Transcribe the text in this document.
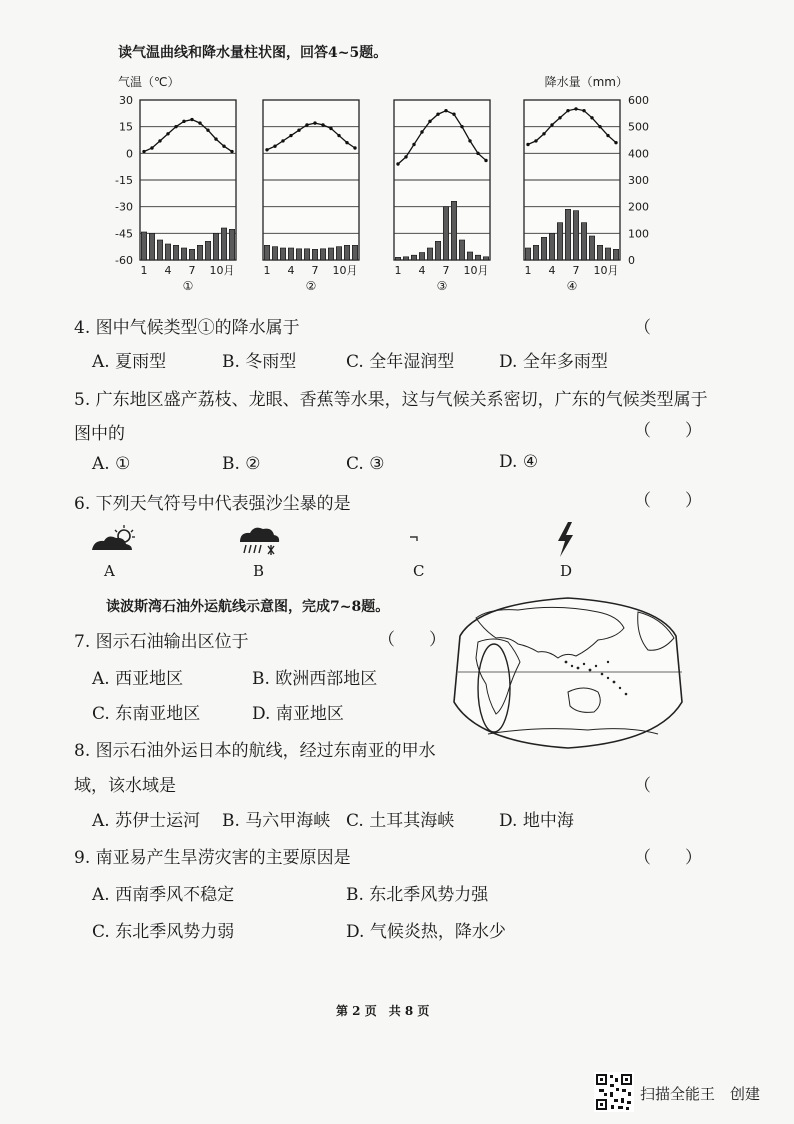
读气温曲线和降水量柱状图，回答4~5题。
气温（℃）	降水量（mm）
30
15
0
-15
-30
-45
-60
600
500
400
300
200
100
0
1 4 7 10月
①
1 4 7 10月
②
1 4 7 10月
③
1 4 7 10月
④
4. 图中气候类型①的降水属于	（
A. 夏雨型	B. 冬雨型	C. 全年湿润型	D. 全年多雨型
5. 广东地区盛产荔枝、龙眼、香蕉等水果，这与气候关系密切，广东的气候类型属于
图中的	（　　）
A. ①	B. ②	C. ③	D. ④
6. 下列天气符号中代表强沙尘暴的是	（　　）
A	B	C	D
读波斯湾石油外运航线示意图，完成7~8题。
7. 图示石油输出区位于	（　　）
A. 西亚地区	B. 欧洲西部地区
C. 东南亚地区	D. 南亚地区
8. 图示石油外运日本的航线，经过东南亚的甲水
域，该水域是	（
A. 苏伊士运河 B. 马六甲海峡 C. 土耳其海峡	D. 地中海
9. 南亚易产生旱涝灾害的主要原因是	（　　）
A. 西南季风不稳定	B. 东北季风势力强
C. 东北季风势力弱	D. 气候炎热，降水少
第 2 页　共 8 页
扫描全能王　创建
